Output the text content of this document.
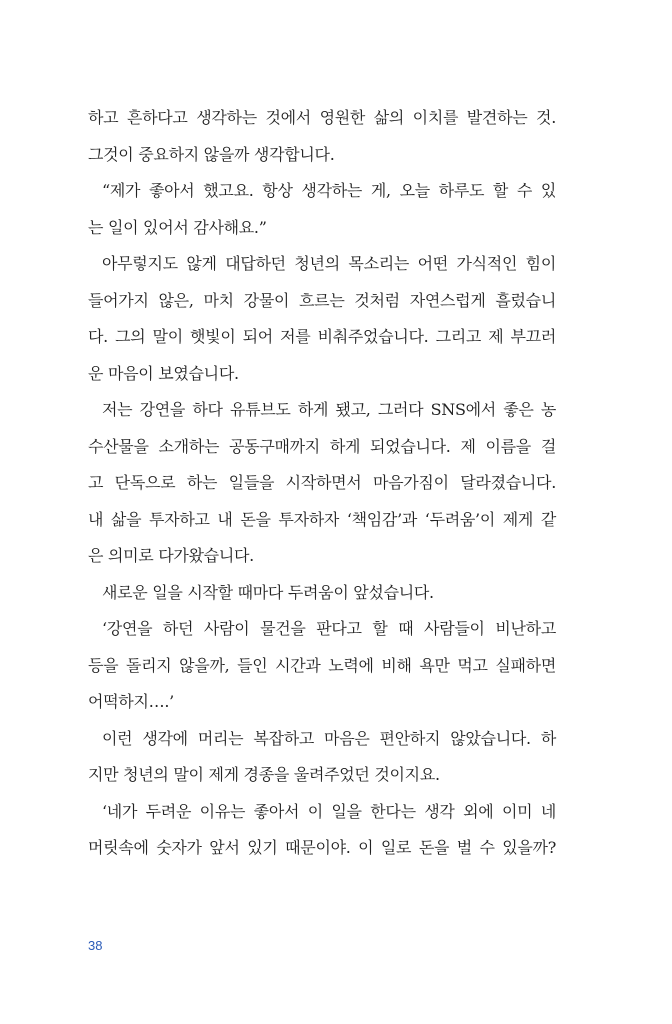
하고 흔하다고 생각하는 것에서 영원한 삶의 이치를 발견하는 것.
그것이 중요하지 않을까 생각합니다.
“제가 좋아서 했고요. 항상 생각하는 게, 오늘 하루도 할 수 있
는 일이 있어서 감사해요.”
아무렇지도 않게 대답하던 청년의 목소리는 어떤 가식적인 힘이
들어가지 않은, 마치 강물이 흐르는 것처럼 자연스럽게 흘렀습니
다. 그의 말이 햇빛이 되어 저를 비춰주었습니다. 그리고 제 부끄러
운 마음이 보였습니다.
저는 강연을 하다 유튜브도 하게 됐고, 그러다 SNS에서 좋은 농
수산물을 소개하는 공동구매까지 하게 되었습니다. 제 이름을 걸
고 단독으로 하는 일들을 시작하면서 마음가짐이 달라졌습니다.
내 삶을 투자하고 내 돈을 투자하자 ‘책임감’과 ‘두려움’이 제게 같
은 의미로 다가왔습니다.
새로운 일을 시작할 때마다 두려움이 앞섰습니다.
‘강연을 하던 사람이 물건을 판다고 할 때 사람들이 비난하고
등을 돌리지 않을까, 들인 시간과 노력에 비해 욕만 먹고 실패하면
어떡하지….’
이런 생각에 머리는 복잡하고 마음은 편안하지 않았습니다. 하
지만 청년의 말이 제게 경종을 울려주었던 것이지요.
‘네가 두려운 이유는 좋아서 이 일을 한다는 생각 외에 이미 네
머릿속에 숫자가 앞서 있기 때문이야. 이 일로 돈을 벌 수 있을까?
38
